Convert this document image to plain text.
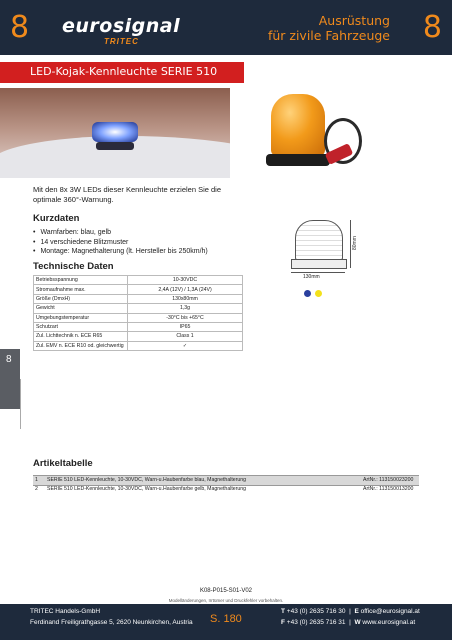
8 eurosignal
TRITEC
Ausrüstung
für zivile Fahrzeuge 8
LED-Kojak-Kennleuchte SERIE 510
Mit den 8x 3W LEDs dieser Kennleuchte erzielen Sie die optimale 360°-Warnung.
Kurzdaten
• Warnfarben: blau, gelb
• 14 verschiedene Blitzmuster
• Montage: Magnethalterung (lt. Hersteller bis 250km/h)
Technische Daten
Betriebsspannung	10-30VDC
Stromaufnahme max.	2,4A (12V) / 1,3A (24V)
Größe (DmxH)	130x80mm
Gewicht	1,3g
Umgebungstemperatur	-30°C bis +65°C
Schutzart	IP65
Zul. Lichttechnik n. ECE R65	Class 1
Zul. EMV n. ECE R10 od. gleichwertig	✓
130mm
80mm
8
Artikeltabelle
1 SERIE 510 LED-Kennleuchte, 10-30VDC, Warn-u.Haubenfarbe blau, Magnethalterung	ArtNr.: 113150023200
2 SERIE 510 LED-Kennleuchte, 10-30VDC, Warn-u.Haubenfarbe gelb, Magnethalterung	ArtNr.: 113150013200
K08-P015-S01-V02
Modelländerungen, Irrtümer und Druckfehler vorbehalten.
TRITEC Handels-GmbH
Ferdinand Freiligrathgasse 5, 2620 Neunkirchen, Austria S. 180
T +43 (0) 2635 716 30  |  E office@eurosignal.at
F +43 (0) 2635 716 31  |  W www.eurosignal.at
